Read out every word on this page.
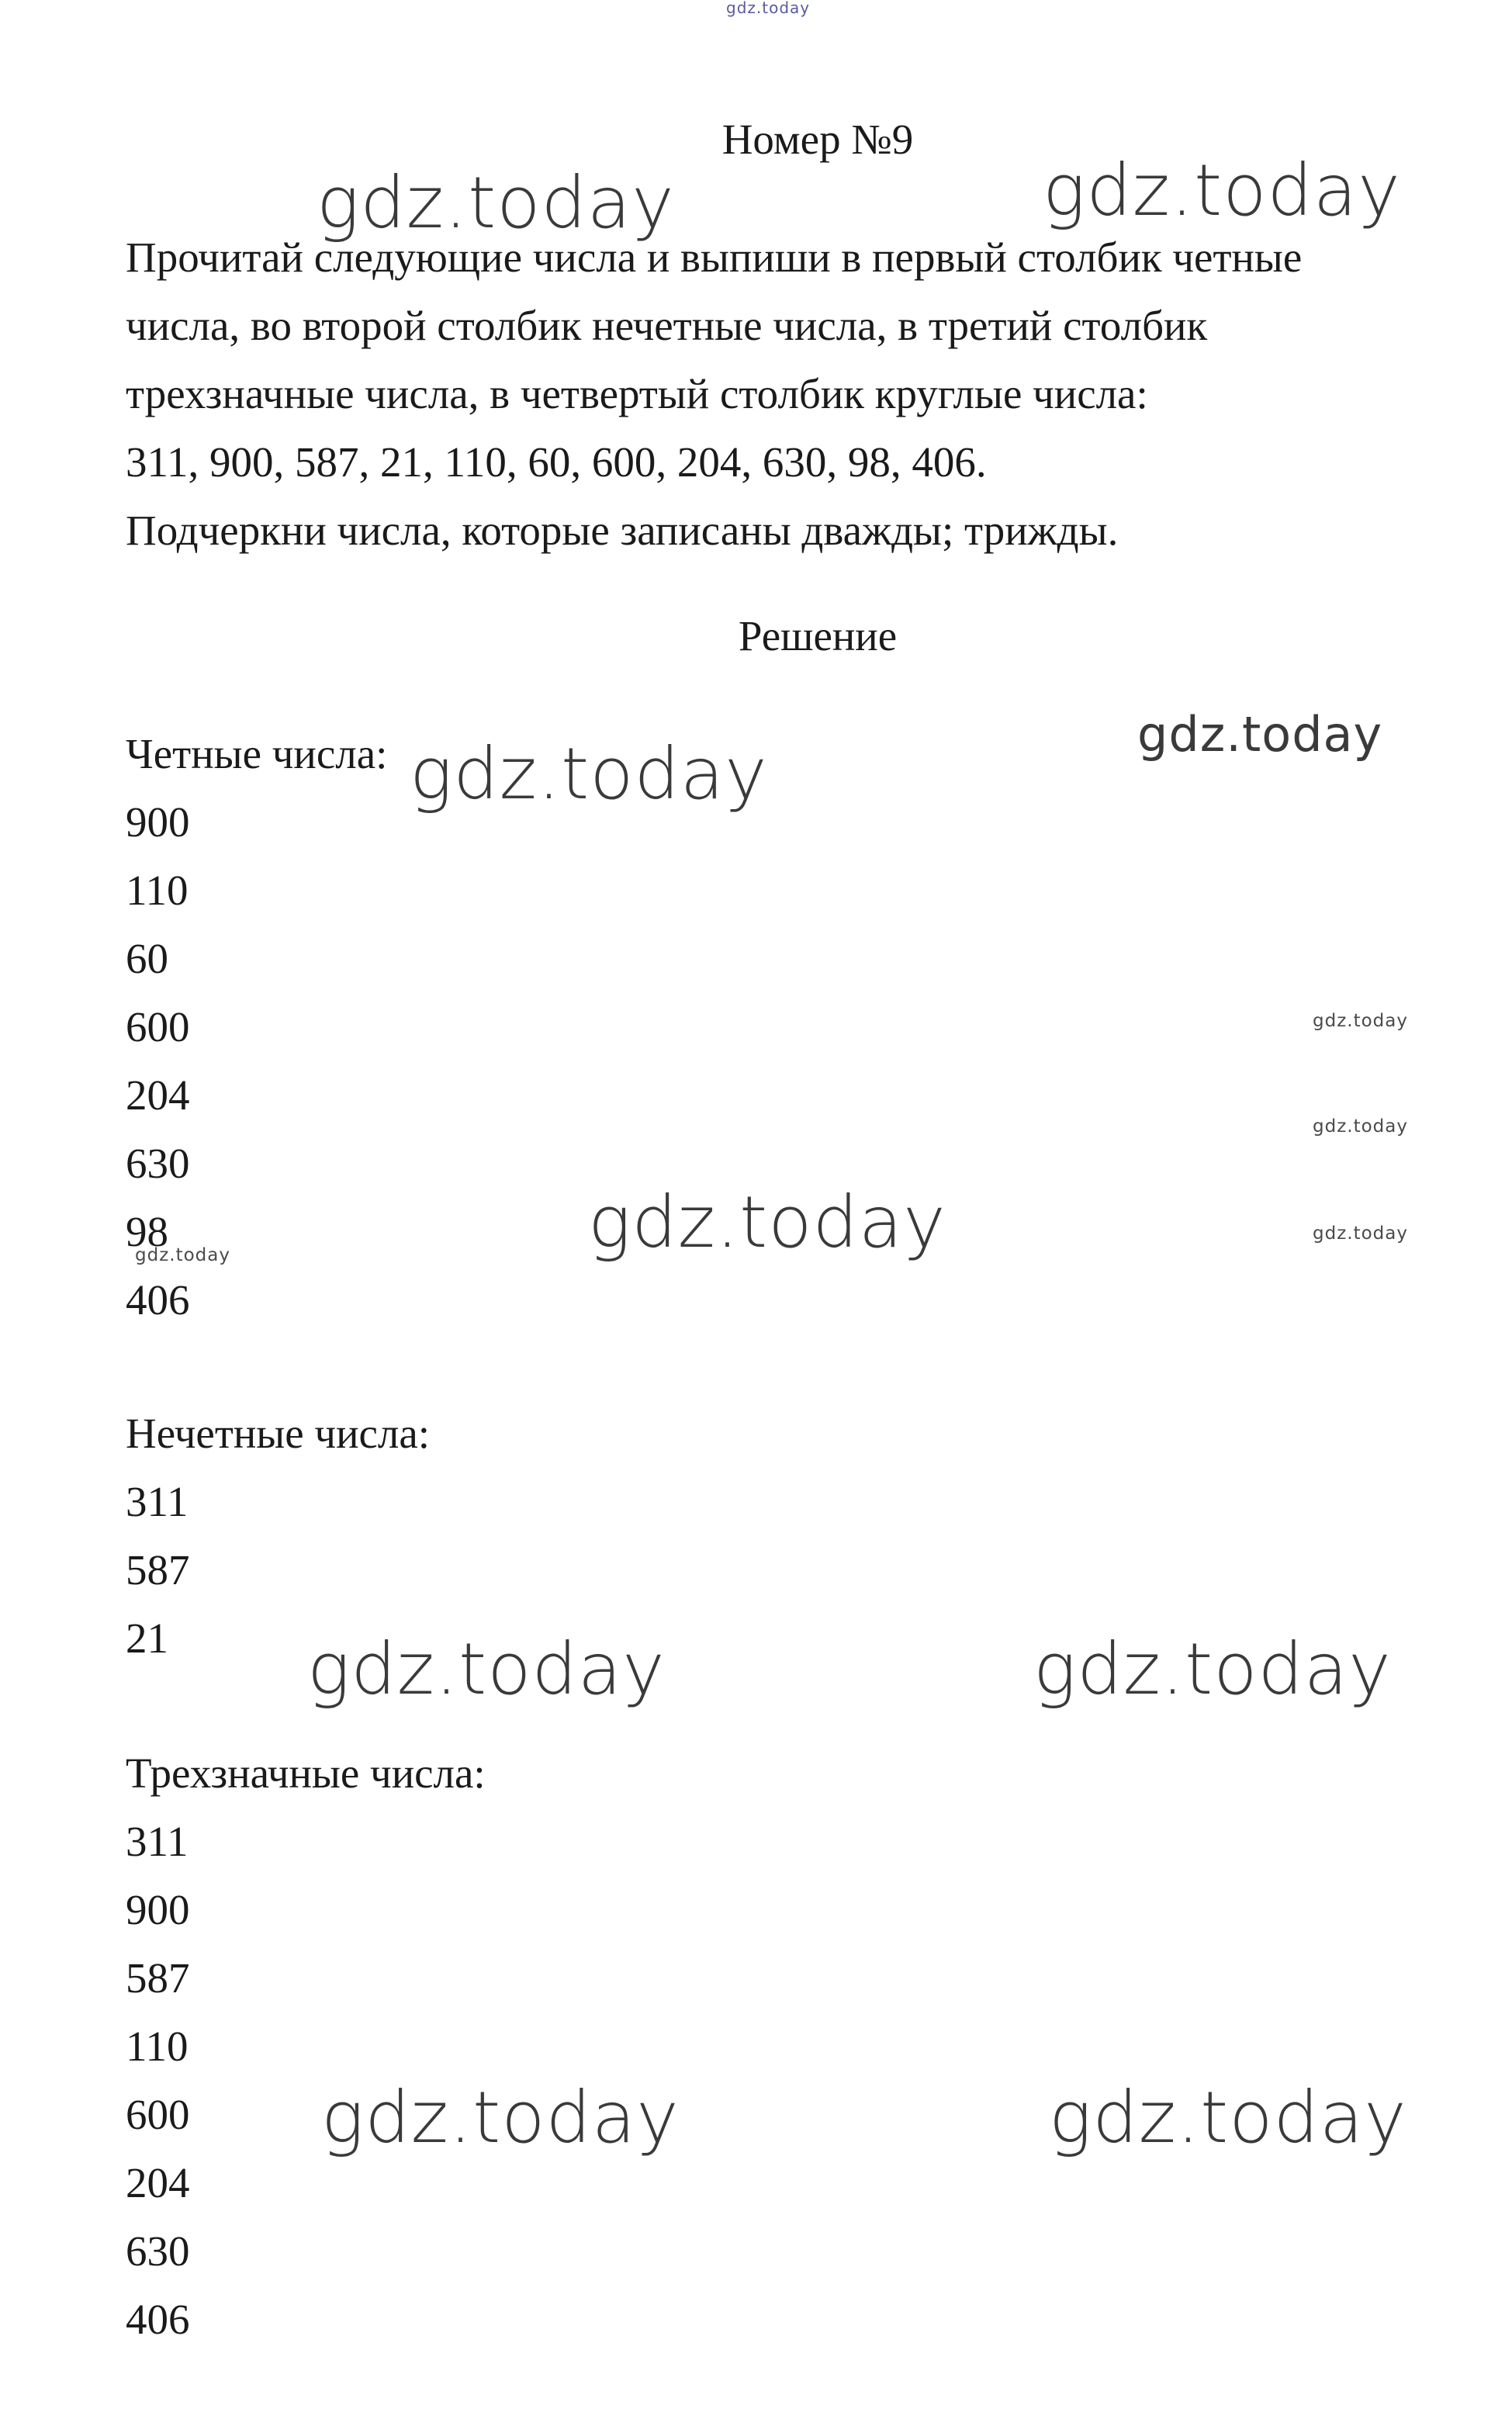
gdz.today
Номер №9
gdz.today	gdz.today
Прочитай следующие числа и выпиши в первый столбик четные
числа, во второй столбик нечетные числа, в третий столбик
трехзначные числа, в четвертый столбик круглые числа:
311, 900, 587, 21, 110, 60, 600, 204, 630, 98, 406.
Подчеркни числа, которые записаны дважды; трижды.
Решение
gdz.today
gdz.today
Четные числа:
900
110
60
600
204
630
98
406
gdz.today
gdz.today
gdz.today
gdz.today	gdz.today
Нечетные числа:
311
587
21	gdz.today	gdz.today
Трехзначные числа:
311
900
587
110
600
204
630
406
gdz.today	gdz.today
